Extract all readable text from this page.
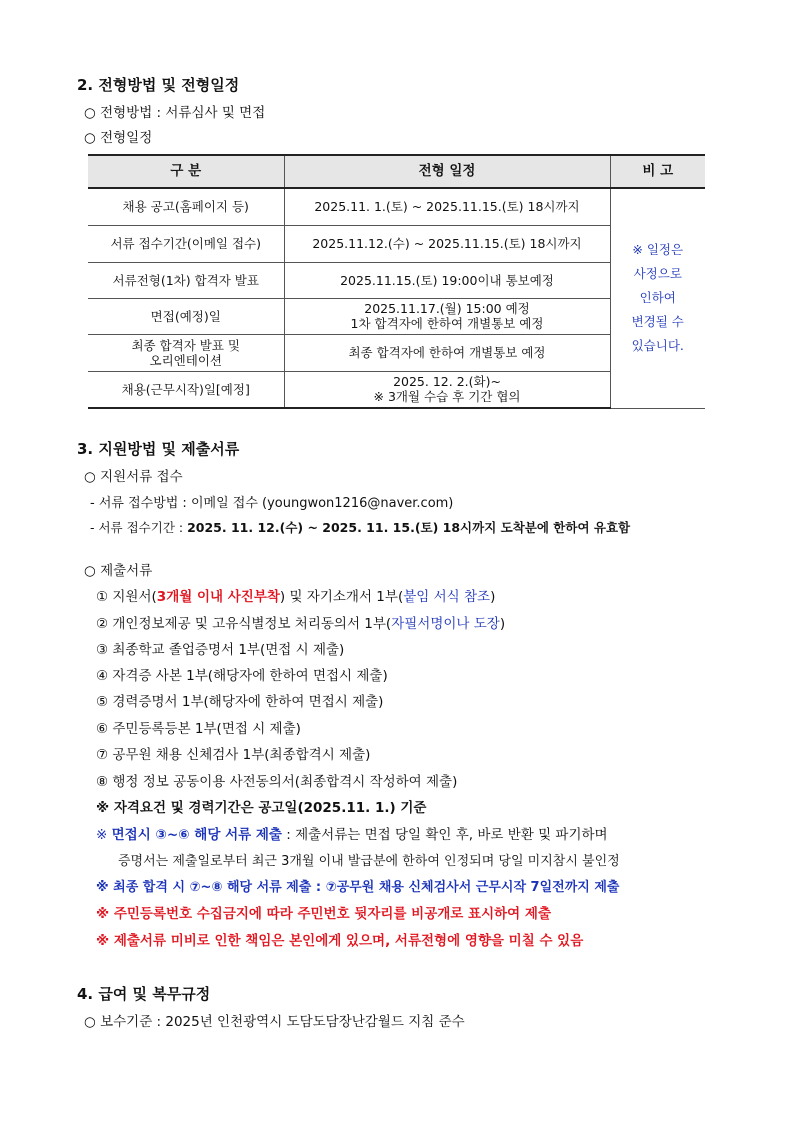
2. 전형방법 및 전형일정
○ 전형방법 : 서류심사 및 면접
○ 전형일정
구 분	전형 일정	비 고
채용 공고(홈페이지 등)	2025.11. 1.(토) ~ 2025.11.15.(토) 18시까지	※ 일정은
사정으로
인하여
변경될 수
있습니다.

서류 접수기간(이메일 접수)	2025.11.12.(수) ~ 2025.11.15.(토) 18시까지	
서류전형(1차) 합격자 발표	2025.11.15.(토) 19:00이내 통보예정	
면접(예정)일	2025.11.17.(월) 15:00 예정
1차 합격자에 한하여 개별통보 예정	

최종 합격자 발표 및
오리엔테이션	최종 합격자에 한하여 개별통보 예정	
채용(근무시작)일[예정]	2025. 12. 2.(화)~
※ 3개월 수습 후 기간 협의	
3. 지원방법 및 제출서류
○ 지원서류 접수
- 서류 접수방법 : 이메일 접수 (youngwon1216@naver.com)
- 서류 접수기간 : 2025. 11. 12.(수) ~ 2025. 11. 15.(토) 18시까지 도착분에 한하여 유효함
○ 제출서류
① 지원서(3개월 이내 사진부착) 및 자기소개서 1부(붙임 서식 참조)
② 개인정보제공 및 고유식별정보 처리동의서 1부(자필서명이나 도장)
③ 최종학교 졸업증명서 1부(면접 시 제출)
④ 자격증 사본 1부(해당자에 한하여 면접시 제출)
⑤ 경력증명서 1부(해당자에 한하여 면접시 제출)
⑥ 주민등록등본 1부(면접 시 제출)
⑦ 공무원 채용 신체검사 1부(최종합격시 제출)
⑧ 행정 정보 공동이용 사전동의서(최종합격시 작성하여 제출)
※ 자격요건 및 경력기간은 공고일(2025.11. 1.) 기준
※ 면접시 ③~⑥ 해당 서류 제출 : 제출서류는 면접 당일 확인 후, 바로 반환 및 파기하며
증명서는 제출일로부터 최근 3개월 이내 발급분에 한하여 인정되며 당일 미지참시 불인정
※ 최종 합격 시 ⑦~⑧ 해당 서류 제출 : ⑦공무원 채용 신체검사서 근무시작 7일전까지 제출
※ 주민등록번호 수집금지에 따라 주민번호 뒷자리를 비공개로 표시하여 제출
※ 제출서류 미비로 인한 책임은 본인에게 있으며, 서류전형에 영향을 미칠 수 있음
4. 급여 및 복무규정
○ 보수기준 : 2025년 인천광역시 도담도담장난감월드 지침 준수
